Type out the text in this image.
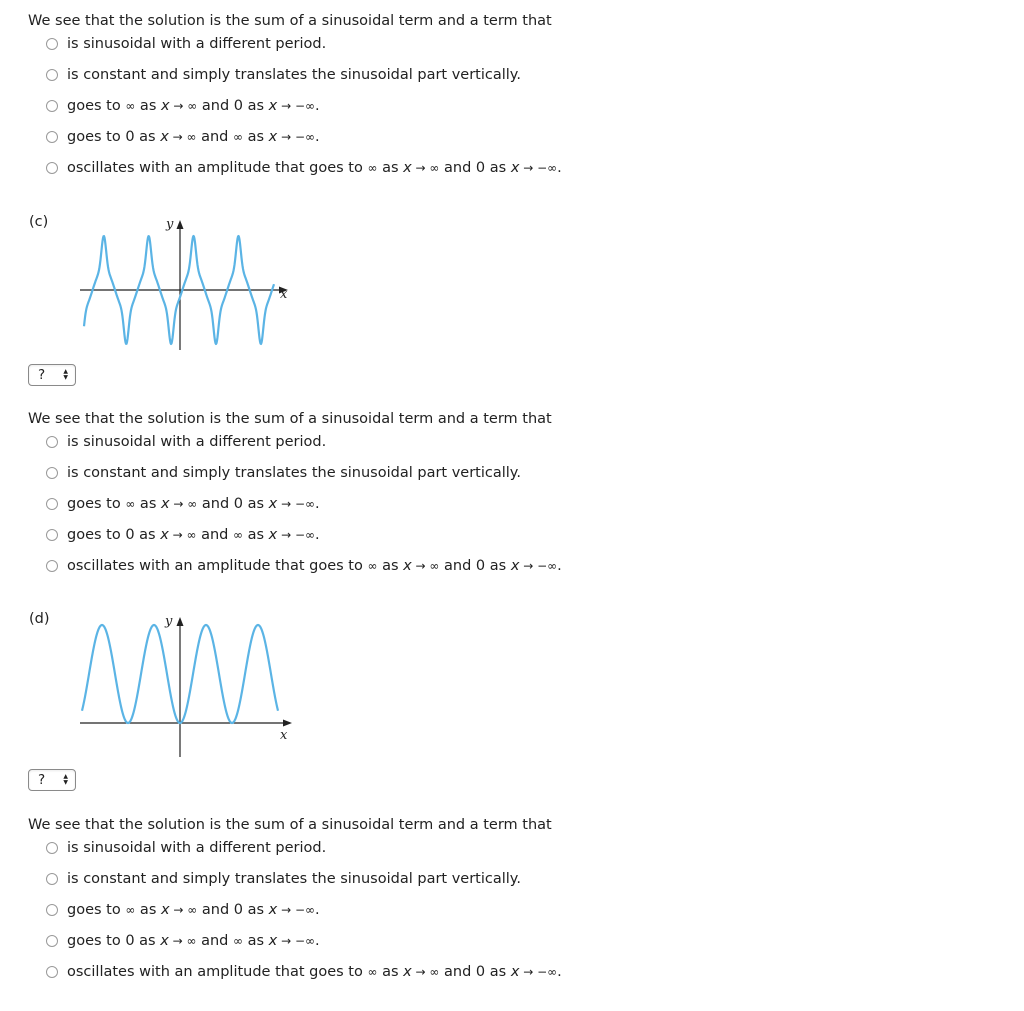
We see that the solution is the sum of a sinusoidal term and a term that
is sinusoidal with a different period.
is constant and simply translates the sinusoidal part vertically.
goes to ∞ as x → ∞ and 0 as x → −∞.
goes to 0 as x → ∞ and ∞ as x → −∞.
oscillates with an amplitude that goes to ∞ as x → ∞ and 0 as x → −∞.
(c)
x
y
?	▲
▼
We see that the solution is the sum of a sinusoidal term and a term that
is sinusoidal with a different period.
is constant and simply translates the sinusoidal part vertically.
goes to ∞ as x → ∞ and 0 as x → −∞.
goes to 0 as x → ∞ and ∞ as x → −∞.
oscillates with an amplitude that goes to ∞ as x → ∞ and 0 as x → −∞.
(d)
x
y
?	▲
▼
We see that the solution is the sum of a sinusoidal term and a term that
is sinusoidal with a different period.
is constant and simply translates the sinusoidal part vertically.
goes to ∞ as x → ∞ and 0 as x → −∞.
goes to 0 as x → ∞ and ∞ as x → −∞.
oscillates with an amplitude that goes to ∞ as x → ∞ and 0 as x → −∞.
